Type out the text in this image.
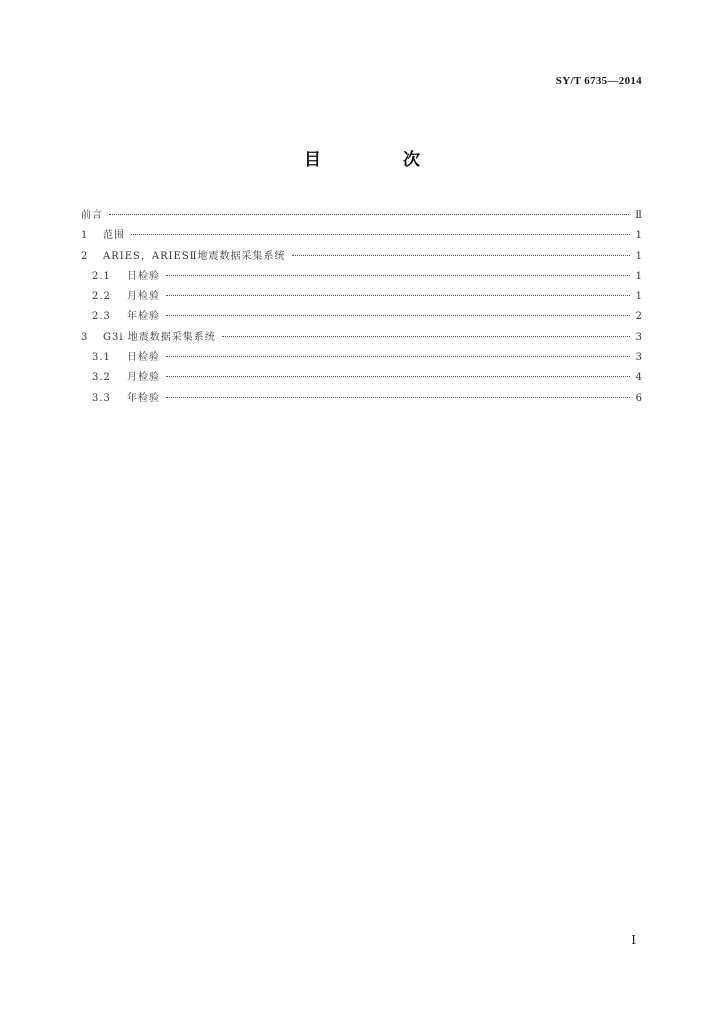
SY/T 6735—2014
目 次
前言	Ⅱ
1	范围	1
2	ARIES，ARIESⅡ地震数据采集系统	1
2.1	日检验	1
2.2	月检验	1
2.3	年检验	2
3	G3i 地震数据采集系统	3
3.1	日检验	3
3.2	月检验	4
3.3	年检验	6
Ⅰ
